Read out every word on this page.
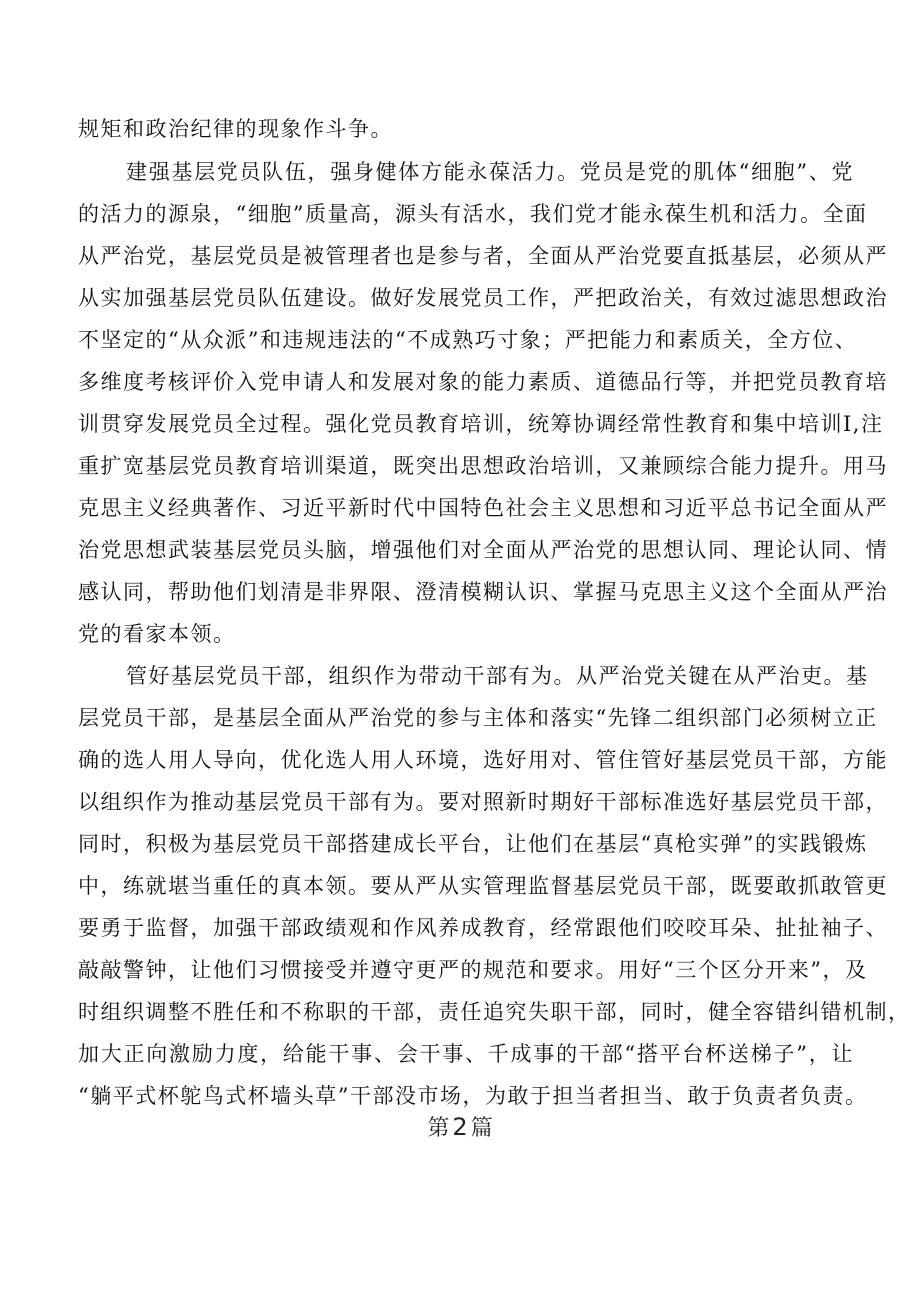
规矩和政治纪律的现象作斗争。
建强基层党员队伍，强身健体方能永葆活力。党员是党的肌体“细胞”、党
的活力的源泉，“细胞”质量高，源头有活水，我们党才能永葆生机和活力。全面
从严治党，基层党员是被管理者也是参与者，全面从严治党要直抵基层，必须从严
从实加强基层党员队伍建设。做好发展党员工作，严把政治关，有效过滤思想政治
不坚定的“从众派”和违规违法的“不成熟巧寸象；严把能力和素质关，全方位、
多维度考核评价入党申请人和发展对象的能力素质、道德品行等，并把党员教育培
训贯穿发展党员全过程。强化党员教育培训，统筹协调经常性教育和集中培训Ⅰ,注
重扩宽基层党员教育培训渠道，既突出思想政治培训，又兼顾综合能力提升。用马
克思主义经典著作、习近平新时代中国特色社会主义思想和习近平总书记全面从严
治党思想武装基层党员头脑，增强他们对全面从严治党的思想认同、理论认同、情
感认同，帮助他们划清是非界限、澄清模糊认识、掌握马克思主义这个全面从严治
党的看家本领。
管好基层党员干部，组织作为带动干部有为。从严治党关键在从严治吏。基
层党员干部，是基层全面从严治党的参与主体和落实“先锋二组织部门必须树立正
确的选人用人导向，优化选人用人环境，选好用对、管住管好基层党员干部，方能
以组织作为推动基层党员干部有为。要对照新时期好干部标准选好基层党员干部，
同时，积极为基层党员干部搭建成长平台，让他们在基层“真枪实弹”的实践锻炼
中，练就堪当重任的真本领。要从严从实管理监督基层党员干部，既要敢抓敢管更
要勇于监督，加强干部政绩观和作风养成教育，经常跟他们咬咬耳朵、扯扯袖子、
敲敲警钟，让他们习惯接受并遵守更严的规范和要求。用好“三个区分开来”，及
时组织调整不胜任和不称职的干部，责任追究失职干部，同时，健全容错纠错机制，
加大正向激励力度，给能干事、会干事、千成事的干部“搭平台杯送梯子”，让
“躺平式杯鸵鸟式杯墙头草”干部没市场，为敢于担当者担当、敢于负责者负责。
第 2 篇
